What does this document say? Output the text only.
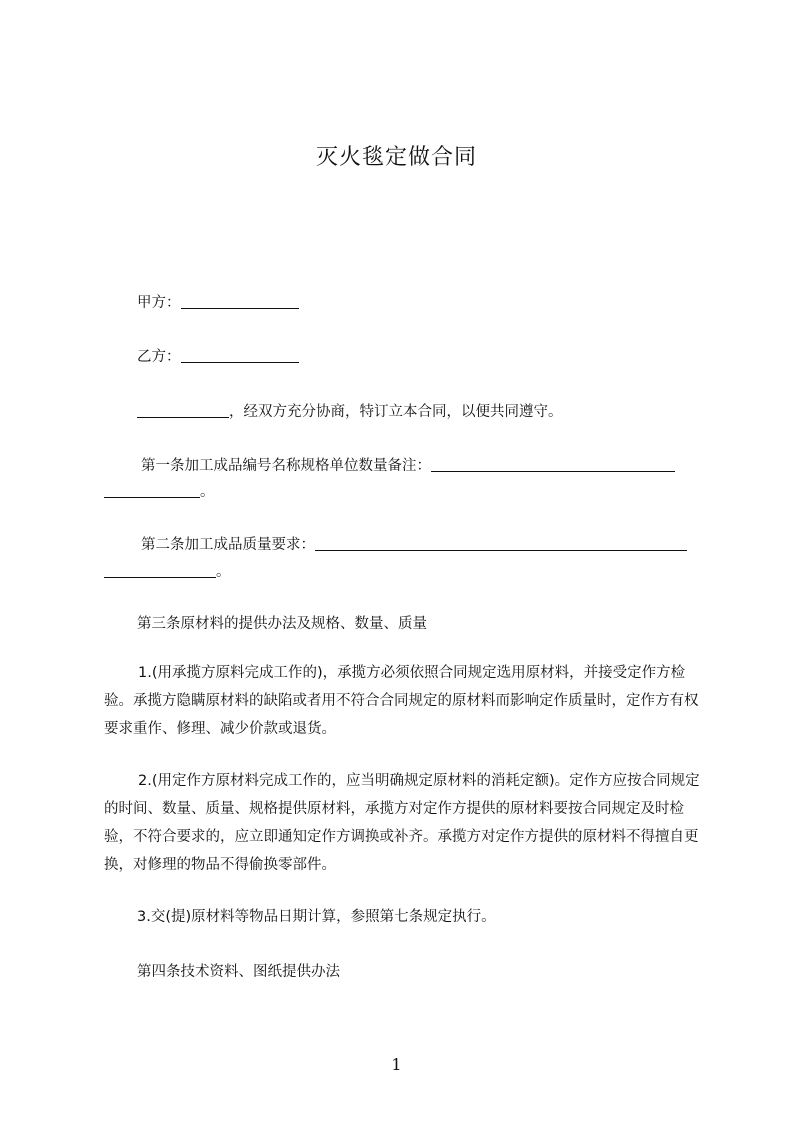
灭火毯定做合同
甲方：
乙方：
，经双方充分协商，特订立本合同，以便共同遵守。
第一条加工成品编号名称规格单位数量备注：
。
第二条加工成品质量要求：
。
第三条原材料的提供办法及规格、数量、质量
1.(用承揽方原料完成工作的)，承揽方必须依照合同规定选用原材料，并接受定作方检验。承揽方隐瞒原材料的缺陷或者用不符合合同规定的原材料而影响定作质量时，定作方有权要求重作、修理、减少价款或退货。
2.(用定作方原材料完成工作的，应当明确规定原材料的消耗定额)。定作方应按合同规定的时间、数量、质量、规格提供原材料，承揽方对定作方提供的原材料要按合同规定及时检验，不符合要求的，应立即通知定作方调换或补齐。承揽方对定作方提供的原材料不得擅自更换，对修理的物品不得偷换零部件。
3.交(提)原材料等物品日期计算，参照第七条规定执行。
第四条技术资料、图纸提供办法
1
